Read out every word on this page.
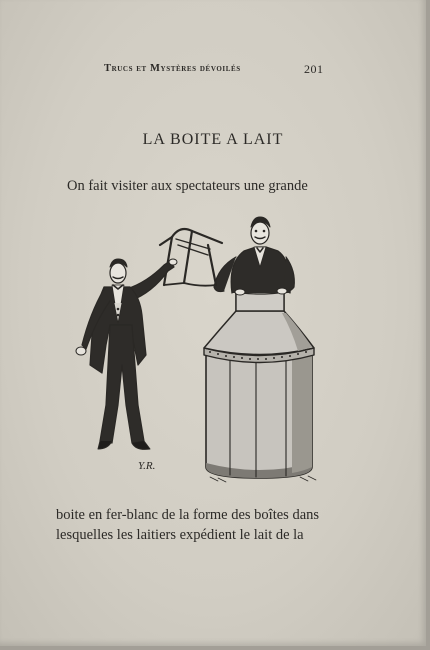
Trucs et Mystères dévoilés	201
LA BOITE A LAIT
On fait visiter aux spectateurs une grande
Y.R.
boite en fer-blanc de la forme des boîtes dans
lesquelles les laitiers expédient le lait de la
